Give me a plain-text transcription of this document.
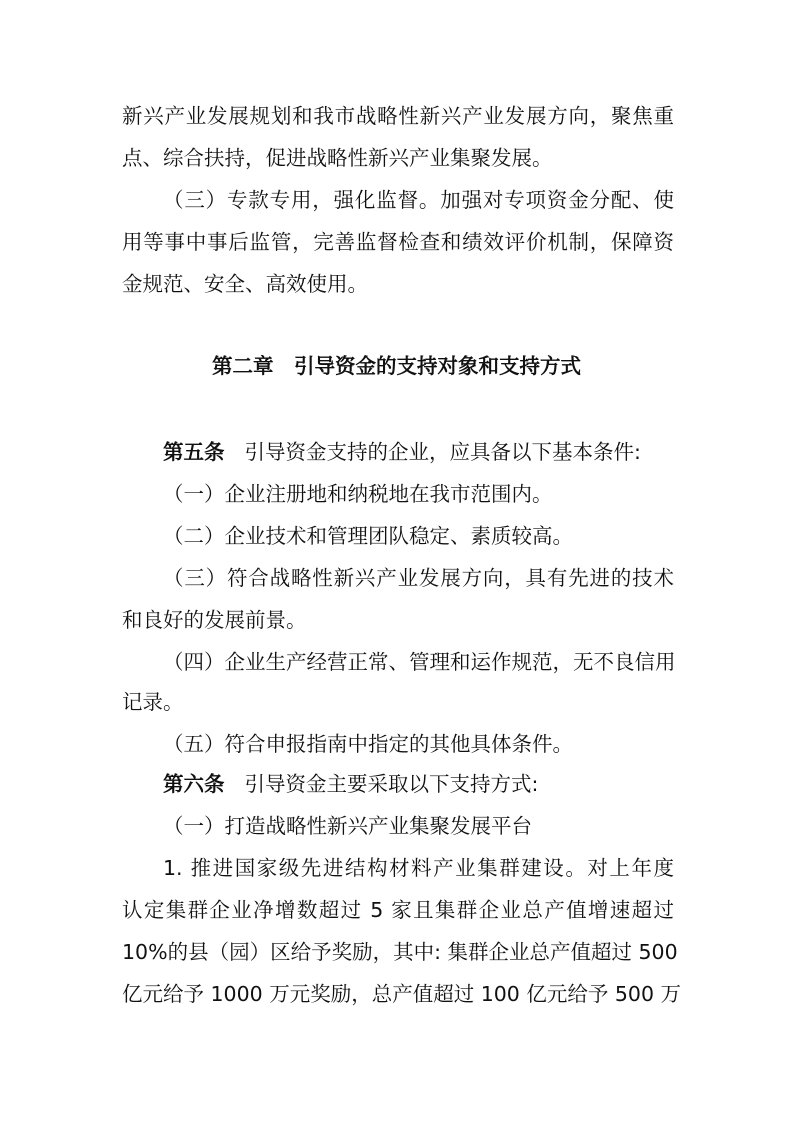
新兴产业发展规划和我市战略性新兴产业发展方向，聚焦重
点、综合扶持，促进战略性新兴产业集聚发展。
（三）专款专用，强化监督。加强对专项资金分配、使
用等事中事后监管，完善监督检查和绩效评价机制，保障资
金规范、安全、高效使用。
第二章　引导资金的支持对象和支持方式
第五条 引导资金支持的企业，应具备以下基本条件:
（一）企业注册地和纳税地在我市范围内。
（二）企业技术和管理团队稳定、素质较高。
（三）符合战略性新兴产业发展方向，具有先进的技术
和良好的发展前景。
（四）企业生产经营正常、管理和运作规范，无不良信用
记录。
（五）符合申报指南中指定的其他具体条件。
第六条 引导资金主要采取以下支持方式:
（一）打造战略性新兴产业集聚发展平台
1. 推进国家级先进结构材料产业集群建设。对上年度
认定集群企业净增数超过 5 家且集群企业总产值增速超过
10%的县（园）区给予奖励，其中: 集群企业总产值超过 500
亿元给予 1000 万元奖励，总产值超过 100 亿元给予 500 万
